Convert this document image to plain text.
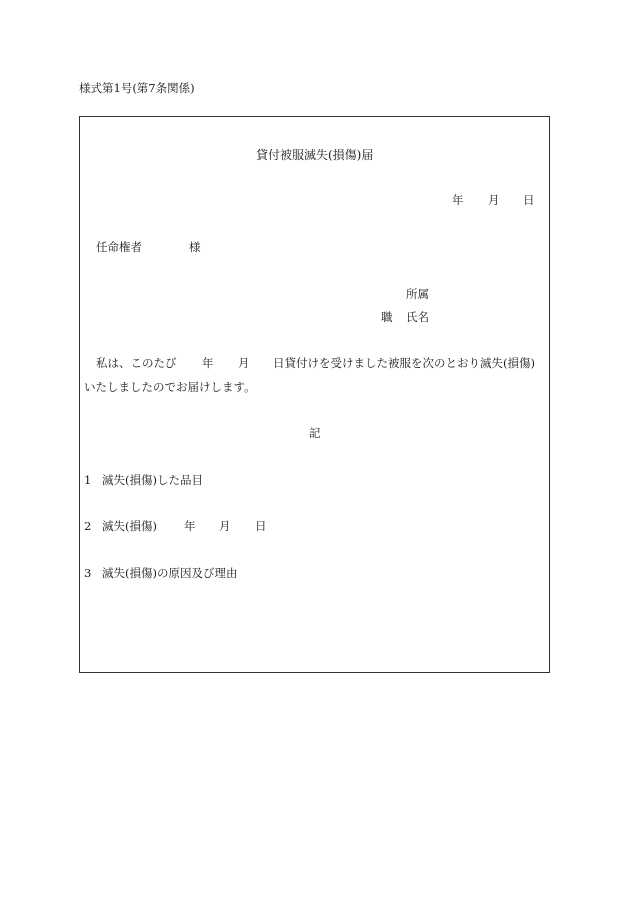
様式第1号(第7条関係)
貸付被服滅失(損傷)届
年 月 日
任命権者	様
所属
職 氏名
私は、このたび 年 月 日貸付けを受けました被服を次のとおり滅失(損傷)
いたしましたのでお届けします。
記
1 滅失(損傷)した品目
2 滅失(損傷) 年 月 日
3 滅失(損傷)の原因及び理由
